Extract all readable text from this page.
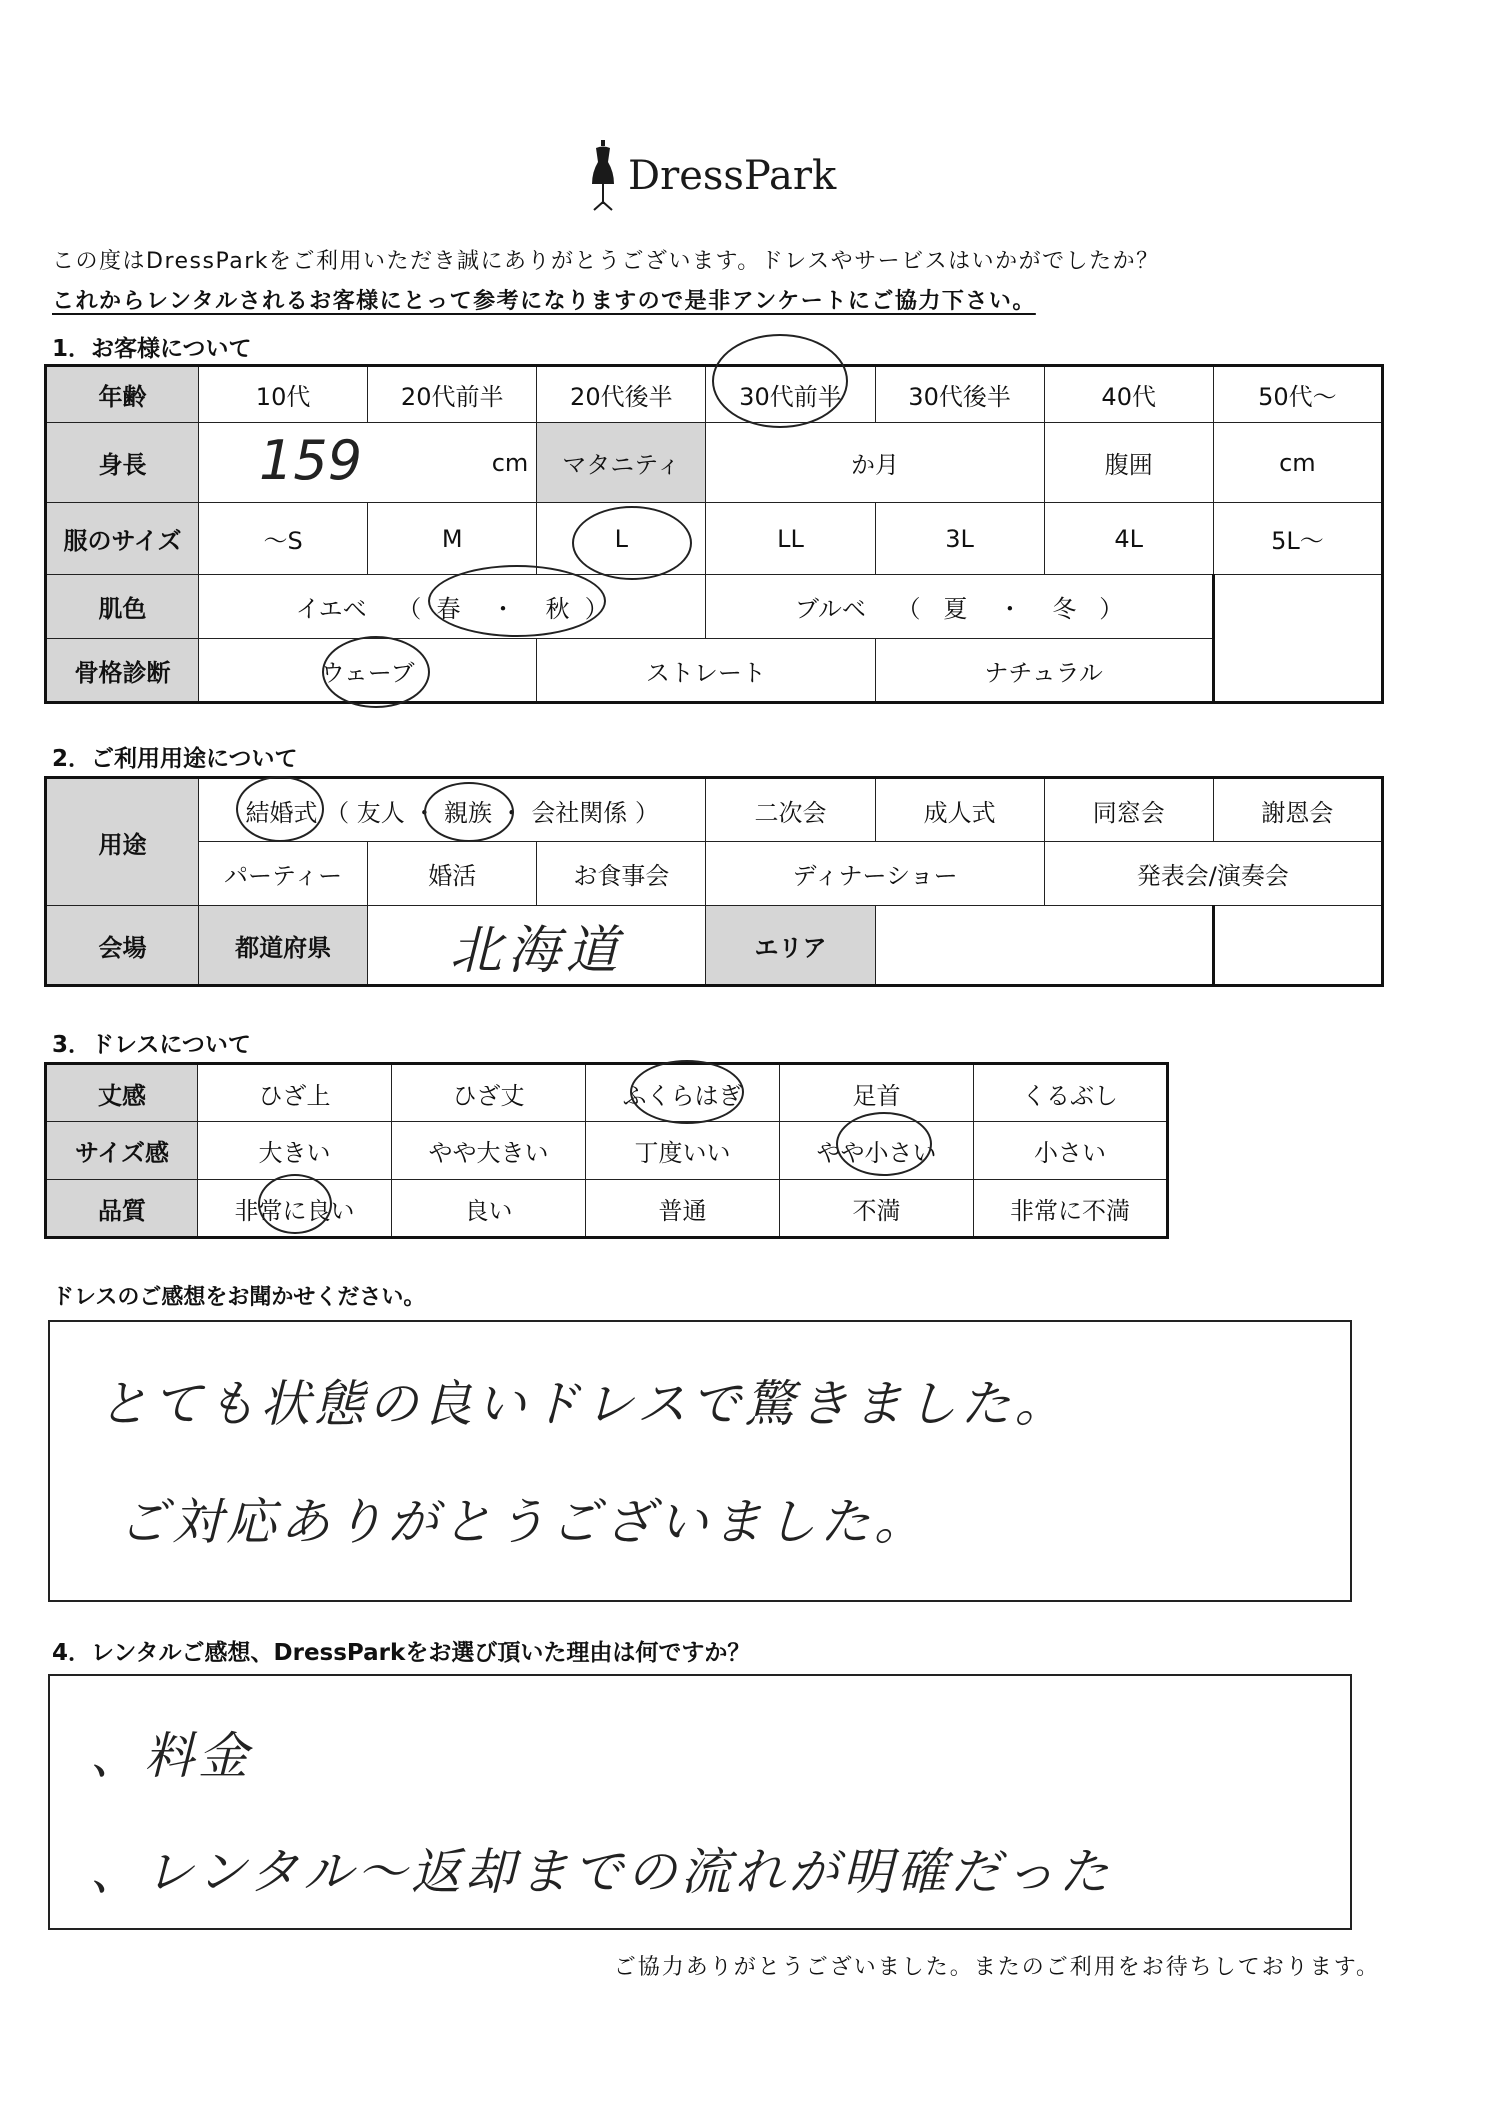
DressPark
この度はDressParkをご利用いただき誠にありがとうございます。ドレスやサービスはいかがでしたか？
これからレンタルされるお客様にとって参考になりますので是非アンケートにご協力下さい。
1．お客様について
年齢	10代	20代前半	20代後半	30代前半	30代後半	40代	50代～
身長	159 cm		マタニティ	か月		腹囲	cm
服のサイズ	～S	M	L	LL	3L	4L	5L～
肌色	イエベ （ 春 ・ 秋 ）			ブルベ （ 夏 ・ 冬 ）			
骨格診断	ウェーブ		ストレート		ナチュラル		
2．ご利用用途について
用途	結婚式 （ 友人 ・ 親族 ・ 会社関係 ）			二次会	成人式	同窓会	謝恩会
	パーティー	婚活	お食事会	ディナーショー		発表会/演奏会	
会場	都道府県	北海道		エリア			
3．ドレスについて
丈感	ひざ上	ひざ丈	ふくらはぎ	足首	くるぶし
サイズ感	大きい	やや大きい	丁度いい	やや小さい	小さい
品質	非常に良い	良い	普通	不満	非常に不満
ドレスのご感想をお聞かせください。
とても状態の良いドレスで驚きました。
ご対応ありがとうございました。
4．レンタルご感想、DressParkをお選び頂いた理由は何ですか？
、料金
、レンタル～返却までの流れが明確だった
ご協力ありがとうございました。またのご利用をお待ちしております。
